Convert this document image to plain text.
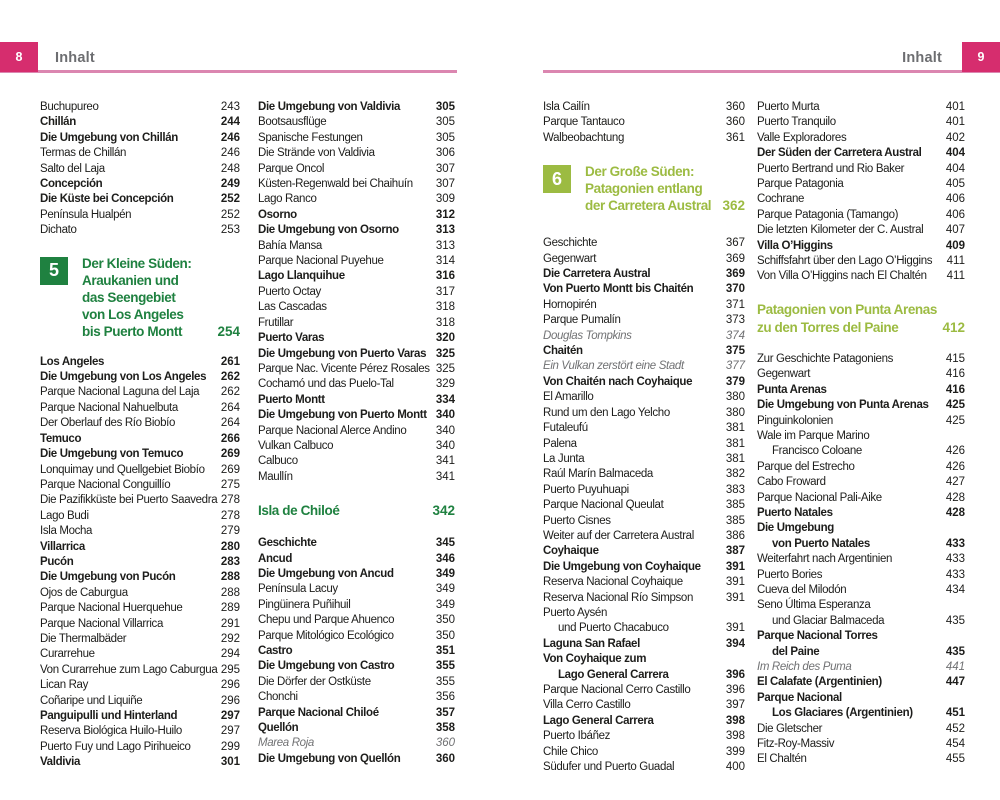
8	Inhalt	Inhalt	9
Buchupureo	243
Chillán	244
Die Umgebung von Chillán	246
Termas de Chillán	246
Salto del Laja	248
Concepción	249
Die Küste bei Concepción	252
Península Hualpén	252
Dichato	253
5	Der Kleine Süden:
Araukanien und
das Seengebiet
von Los Angeles
bis Puerto Montt	254
Los Angeles	261
Die Umgebung von Los Angeles 262
Parque Nacional Laguna del Laja 262
Parque Nacional Nahuelbuta	264
Der Oberlauf des Río Biobío	264
Temuco	266
Die Umgebung von Temuco	269
Lonquimay und Quellgebiet Biobío 269
Parque Nacional Conguillío	275
Die Pazifikküste bei Puerto Saavedra 278
Lago Budi	278
Isla Mocha	279
Villarrica	280
Pucón	283
Die Umgebung von Pucón	288
Ojos de Caburgua	288
Parque Nacional Huerquehue	289
Parque Nacional Villarrica	291
Die Thermalbäder	292
Curarrehue	294
Von Curarrehue zum Lago Caburgua 295
Lican Ray	296
Coñaripe und Liquiñe	296
Panguipulli und Hinterland	297
Reserva Biológica Huilo-Huilo	297
Puerto Fuy und Lago Pirihueico	299
Valdivia	301
Die Umgebung von Valdivia	305
Bootsausflüge	305
Spanische Festungen	305
Die Strände von Valdivia	306
Parque Oncol	307
Küsten-Regenwald bei Chaihuín 307
Lago Ranco	309
Osorno	312
Die Umgebung von Osorno	313
Bahía Mansa	313
Parque Nacional Puyehue	314
Lago Llanquihue	316
Puerto Octay	317
Las Cascadas	318
Frutillar	318
Puerto Varas	320
Die Umgebung von Puerto Varas 325
Parque Nac. Vicente Pérez Rosales 325
Cochamó und das Puelo-Tal	329
Puerto Montt	334
Die Umgebung von Puerto Montt 340
Parque Nacional Alerce Andino	340
Vulkan Calbuco	340
Calbuco	341
Maullín	341
Isla de Chiloé	342
Geschichte	345
Ancud	346
Die Umgebung von Ancud	349
Península Lacuy	349
Pingüinera Puñihuil	349
Chepu und Parque Ahuenco	350
Parque Mitológico Ecológico	350
Castro	351
Die Umgebung von Castro	355
Die Dörfer der Ostküste	355
Chonchi	356
Parque Nacional Chiloé	357
Quellón	358
Marea Roja	360
Die Umgebung von Quellón	360
Isla Cailín	360
Parque Tantauco	360
Walbeobachtung	361
6	Der Große Süden:
Patagonien entlang
der Carretera Austral 362
Geschichte	367
Gegenwart	369
Die Carretera Austral	369
Von Puerto Montt bis Chaitén	370
Hornopirén	371
Parque Pumalín	373
Douglas Tompkins	374
Chaitén	375
Ein Vulkan zerstört eine Stadt	377
Von Chaitén nach Coyhaique	379
El Amarillo	380
Rund um den Lago Yelcho	380
Futaleufú	381
Palena	381
La Junta	381
Raúl Marín Balmaceda	382
Puerto Puyuhuapi	383
Parque Nacional Queulat	385
Puerto Cisnes	385
Weiter auf der Carretera Austral	386
Coyhaique	387
Die Umgebung von Coyhaique 391
Reserva Nacional Coyhaique	391
Reserva Nacional Río Simpson	391
Puerto Aysén
und Puerto Chacabuco	391
Laguna San Rafael	394
Von Coyhaique zum
Lago General Carrera	396
Parque Nacional Cerro Castillo	396
Villa Cerro Castillo	397
Lago General Carrera	398
Puerto Ibáñez	398
Chile Chico	399
Südufer und Puerto Guadal	400
Puerto Murta	401
Puerto Tranquilo	401
Valle Exploradores	402
Der Süden der Carretera Austral 404
Puerto Bertrand und Rio Baker	404
Parque Patagonia	405
Cochrane	406
Parque Patagonia (Tamango)	406
Die letzten Kilometer der C. Austral 407
Villa O’Higgins	409
Schiffsfahrt über den Lago O’Higgins 411
Von Villa O’Higgins nach El Chaltén 411
Patagonien von Punta Arenas
zu den Torres del Paine	412
Zur Geschichte Patagoniens	415
Gegenwart	416
Punta Arenas	416
Die Umgebung von Punta Arenas 425
Pinguinkolonien	425
Wale im Parque Marino
Francisco Coloane	426
Parque del Estrecho	426
Cabo Froward	427
Parque Nacional Pali-Aike	428
Puerto Natales	428
Die Umgebung
von Puerto Natales	433
Weiterfahrt nach Argentinien	433
Puerto Bories	433
Cueva del Milodón	434
Seno Última Esperanza
und Glaciar Balmaceda	435
Parque Nacional Torres
del Paine	435
Im Reich des Puma	441
El Calafate (Argentinien)	447
Parque Nacional
Los Glaciares (Argentinien)	451
Die Gletscher	452
Fitz-Roy-Massiv	454
El Chaltén	455
